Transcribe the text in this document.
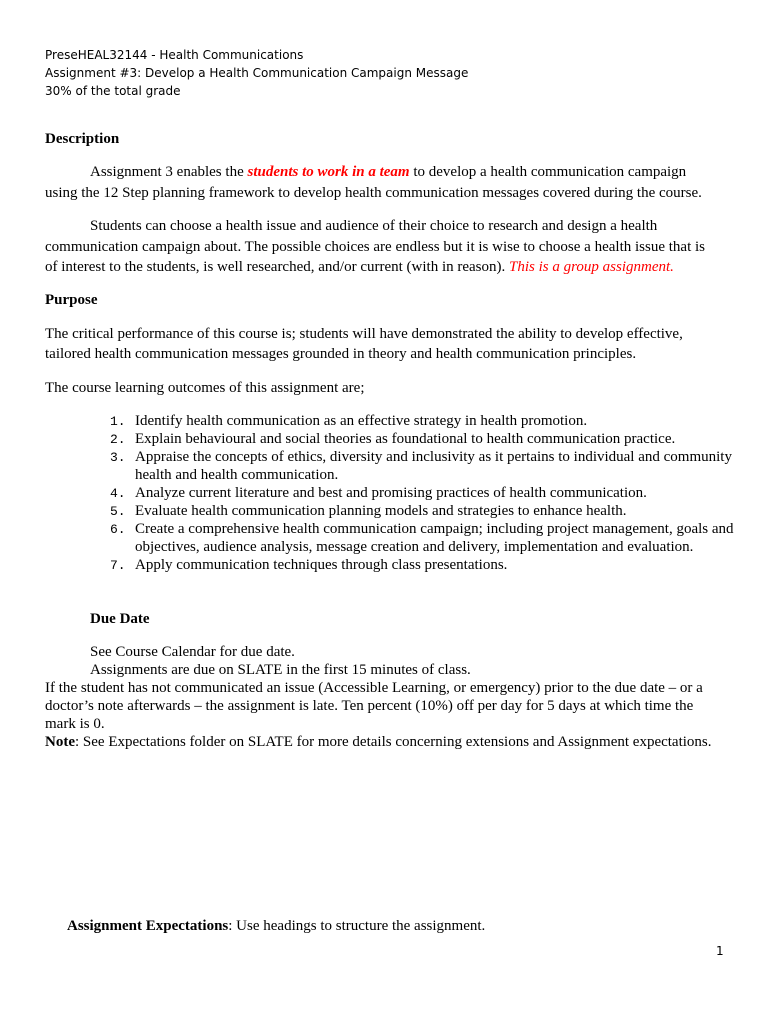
PreseHEAL32144 - Health Communications
Assignment #3: Develop a Health Communication Campaign Message
30% of the total grade
Description
Assignment 3 enables the students to work in a team to develop a health communication campaign
using the 12 Step planning framework to develop health communication messages covered during the course.
Students can choose a health issue and audience of their choice to research and design a health
communication campaign about. The possible choices are endless but it is wise to choose a health issue that is
of interest to the students, is well researched, and/or current (with in reason). This is a group assignment.
Purpose
The critical performance of this course is; students will have demonstrated the ability to develop effective,
tailored health communication messages grounded in theory and health communication principles.
The course learning outcomes of this assignment are;
1. Identify health communication as an effective strategy in health promotion.
2. Explain behavioural and social theories as foundational to health communication practice.
3. Appraise the concepts of ethics, diversity and inclusivity as it pertains to individual and community health and health communication.
4. Analyze current literature and best and promising practices of health communication.
5. Evaluate health communication planning models and strategies to enhance health.
6. Create a comprehensive health communication campaign; including project management, goals and objectives, audience analysis, message creation and delivery, implementation and evaluation.
7. Apply communication techniques through class presentations.
Due Date
See Course Calendar for due date.
Assignments are due on SLATE in the first 15 minutes of class.
If the student has not communicated an issue (Accessible Learning, or emergency) prior to the due date – or a
doctor’s note afterwards – the assignment is late. Ten percent (10%) off per day for 5 days at which time the
mark is 0.
Note: See Expectations folder on SLATE for more details concerning extensions and Assignment expectations.
Assignment Expectations: Use headings to structure the assignment.
1
